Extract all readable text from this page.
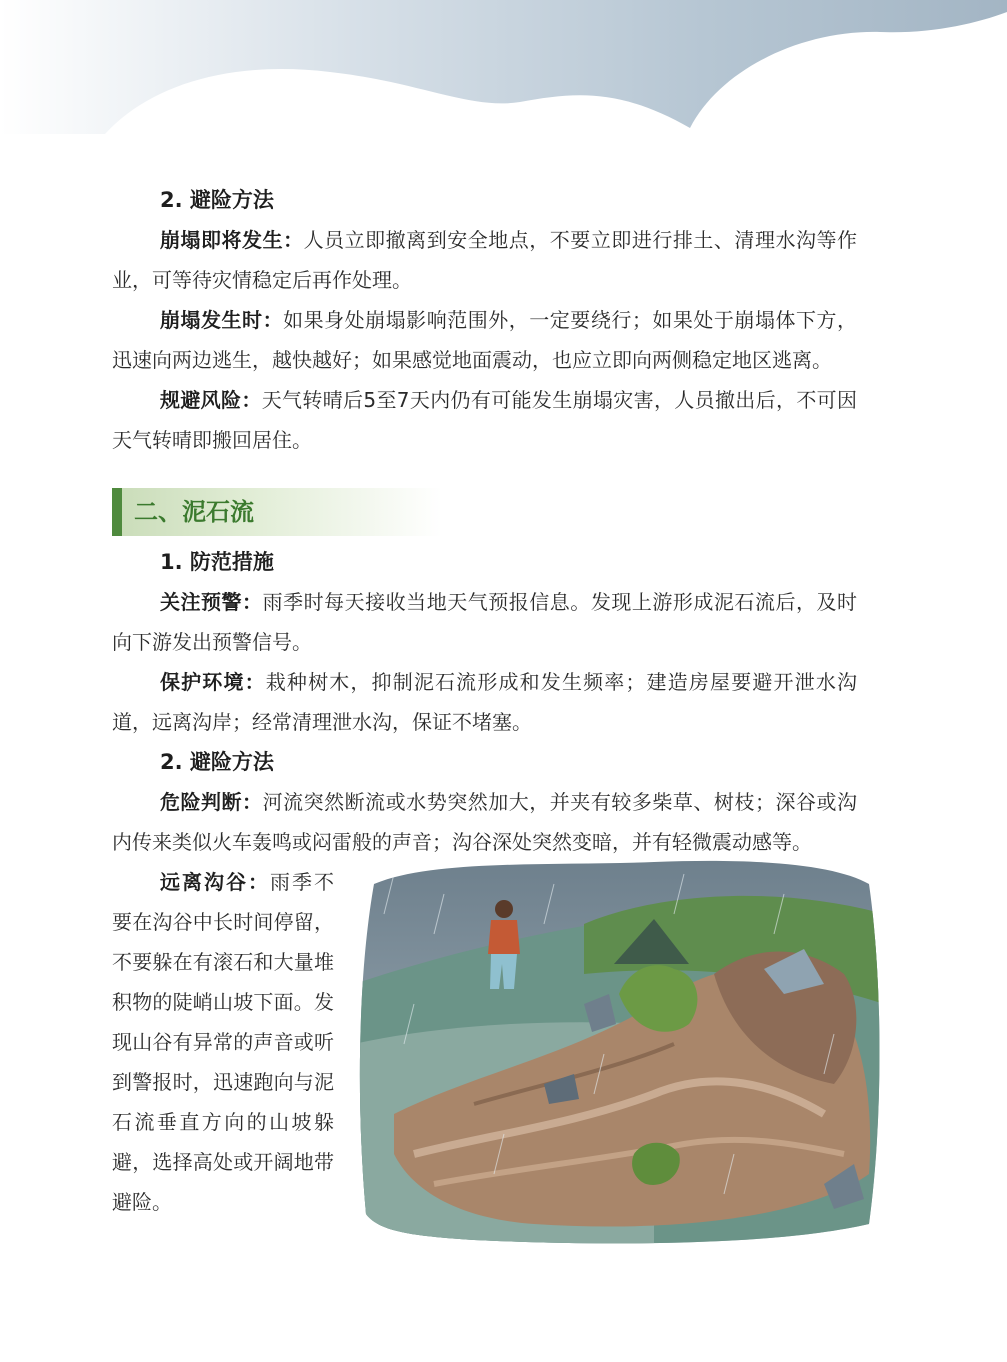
2. 避险方法

崩塌即将发生：人员立即撤离到安全地点，不要立即进行排土、清理水沟等作业，可等待灾情稳定后再作处理。

崩塌发生时：如果身处崩塌影响范围外，一定要绕行；如果处于崩塌体下方，迅速向两边逃生，越快越好；如果感觉地面震动，也应立即向两侧稳定地区逃离。

规避风险：天气转晴后5至7天内仍有可能发生崩塌灾害，人员撤出后，不可因天气转晴即搬回居住。

二、泥石流
1. 防范措施

关注预警：雨季时每天接收当地天气预报信息。发现上游形成泥石流后，及时向下游发出预警信号。

保护环境：栽种树木，抑制泥石流形成和发生频率；建造房屋要避开泄水沟道，远离沟岸；经常清理泄水沟，保证不堵塞。

2. 避险方法

危险判断：河流突然断流或水势突然加大，并夹有较多柴草、树枝；深谷或沟内传来类似火车轰鸣或闷雷般的声音；沟谷深处突然变暗，并有轻微震动感等。

远离沟谷：雨季不要在沟谷中长时间停留，不要躲在有滚石和大量堆积物的陡峭山坡下面。发现山谷有异常的声音或听到警报时，迅速跑向与泥石流垂直方向的山坡躲避，选择高处或开阔地带避险。
